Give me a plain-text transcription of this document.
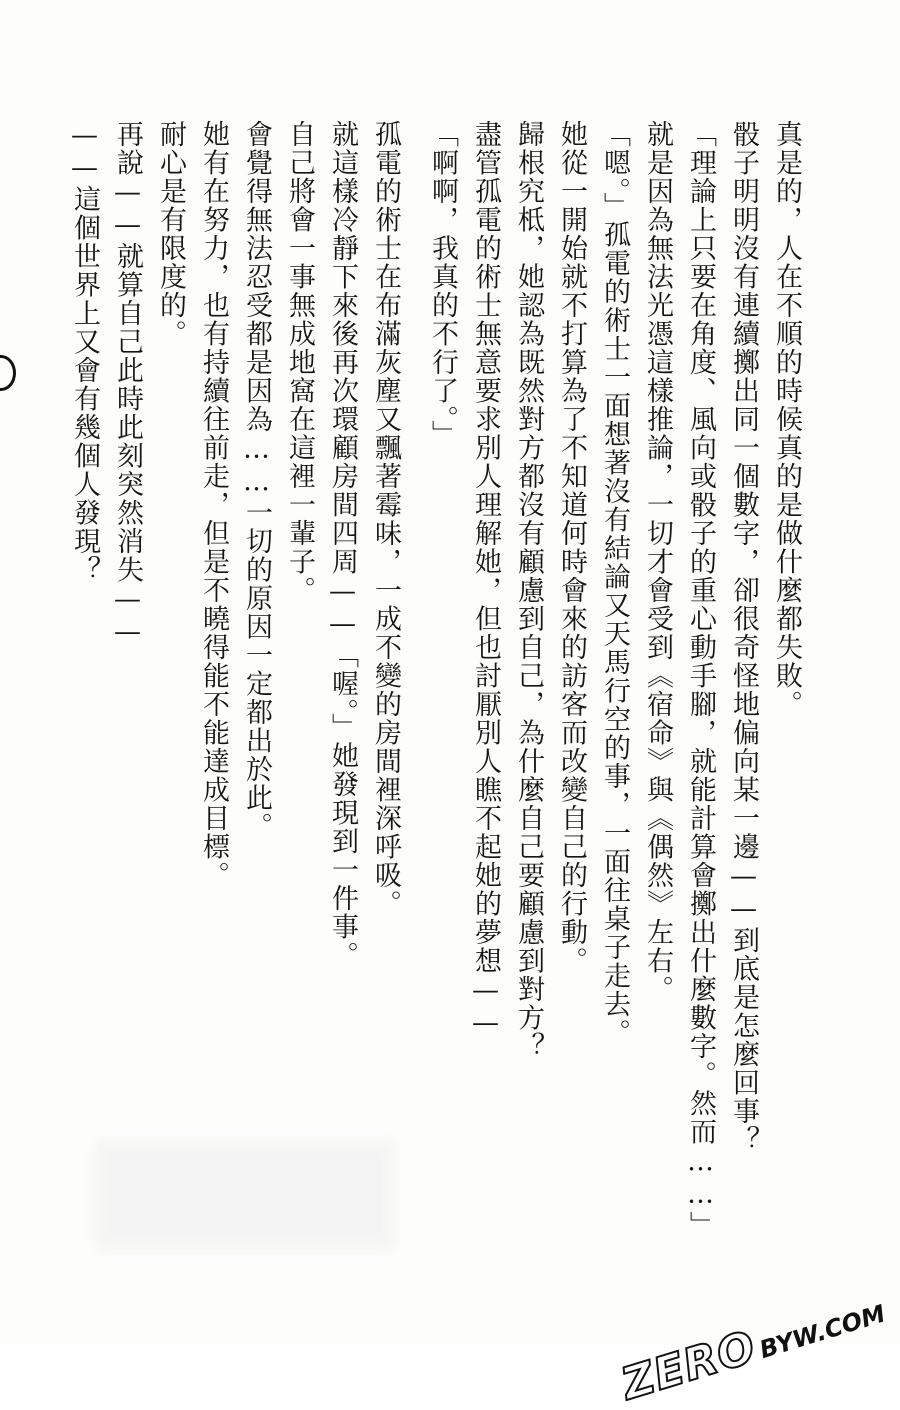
真是的，人在不順的時候真的是做什麼都失敗。
骰子明明沒有連續擲出同一個數字，卻很奇怪地偏向某一邊——到底是怎麼回事？
「理論上只要在角度、風向或骰子的重心動手腳，就能計算會擲出什麼數字。然而……」
就是因為無法光憑這樣推論，一切才會受到《宿命》與《偶然》左右。
「嗯。」孤電的術士一面想著沒有結論又天馬行空的事，一面往桌子走去。
她從一開始就不打算為了不知道何時會來的訪客而改變自己的行動。
歸根究柢，她認為既然對方都沒有顧慮到自己，為什麼自己要顧慮到對方？
盡管孤電的術士無意要求別人理解她，但也討厭別人瞧不起她的夢想——
「啊啊，我真的不行了。」
孤電的術士在布滿灰塵又飄著霉味，一成不變的房間裡深呼吸。
就這樣冷靜下來後再次環顧房間四周——「喔。」她發現到一件事。
自己將會一事無成地窩在這裡一輩子。
會覺得無法忍受都是因為……一切的原因一定都出於此。
她有在努力，也有持續往前走，但是不曉得能不能達成目標。
耐心是有限度的。
再說——就算自己此時此刻突然消失——
——這個世界上又會有幾個人發現？
ZERO
BYW.COM
